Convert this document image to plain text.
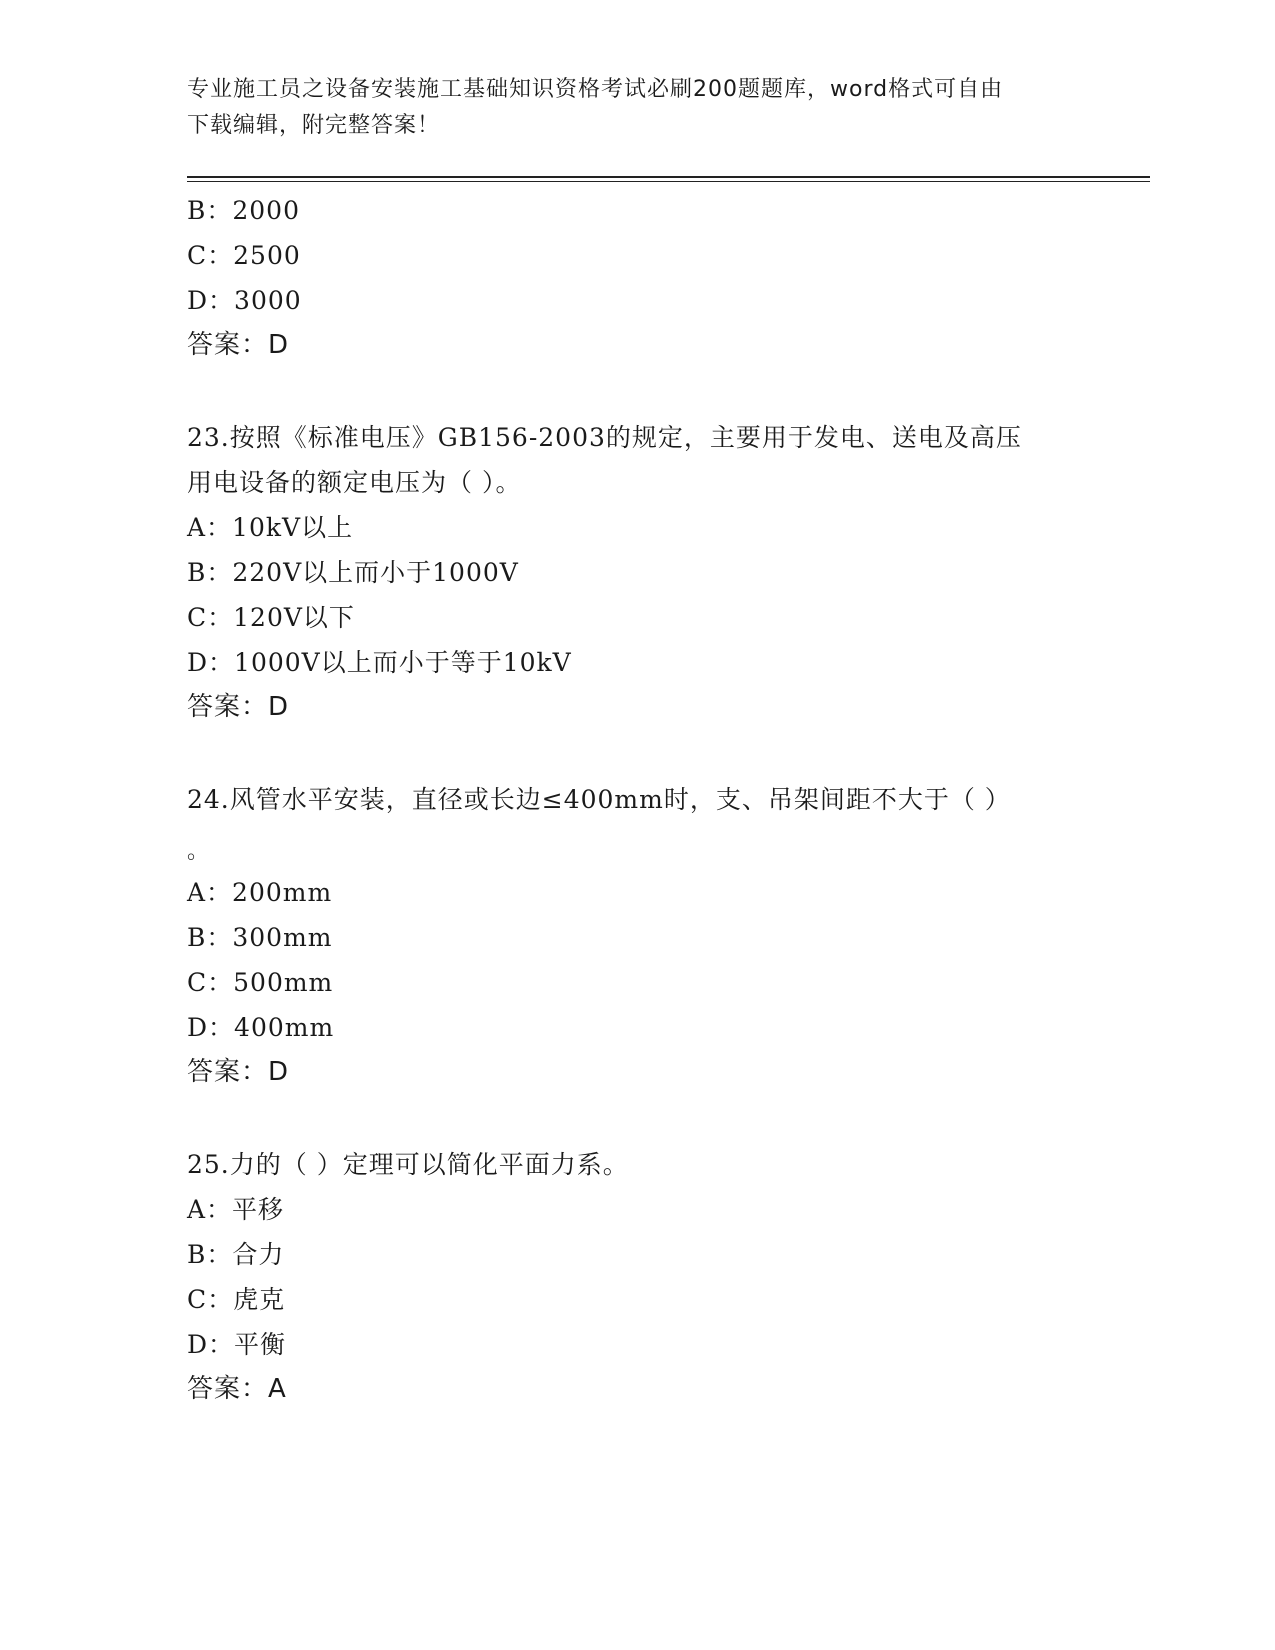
专业施工员之设备安装施工基础知识资格考试必刷200题题库，word格式可自由
下载编辑，附完整答案！
B：2000
C：2500
D：3000
答案：D
23.按照《标准电压》GB156-2003的规定，主要用于发电、送电及高压
用电设备的额定电压为（ ）。
A：10kV以上
B：220V以上而小于1000V
C：120V以下
D：1000V以上而小于等于10kV
答案：D
24.风管水平安装，直径或长边≤400mm时，支、吊架间距不大于（ ）
。
A：200mm
B：300mm
C：500mm
D：400mm
答案：D
25.力的（ ）定理可以简化平面力系。
A：平移
B：合力
C：虎克
D：平衡
答案：A
